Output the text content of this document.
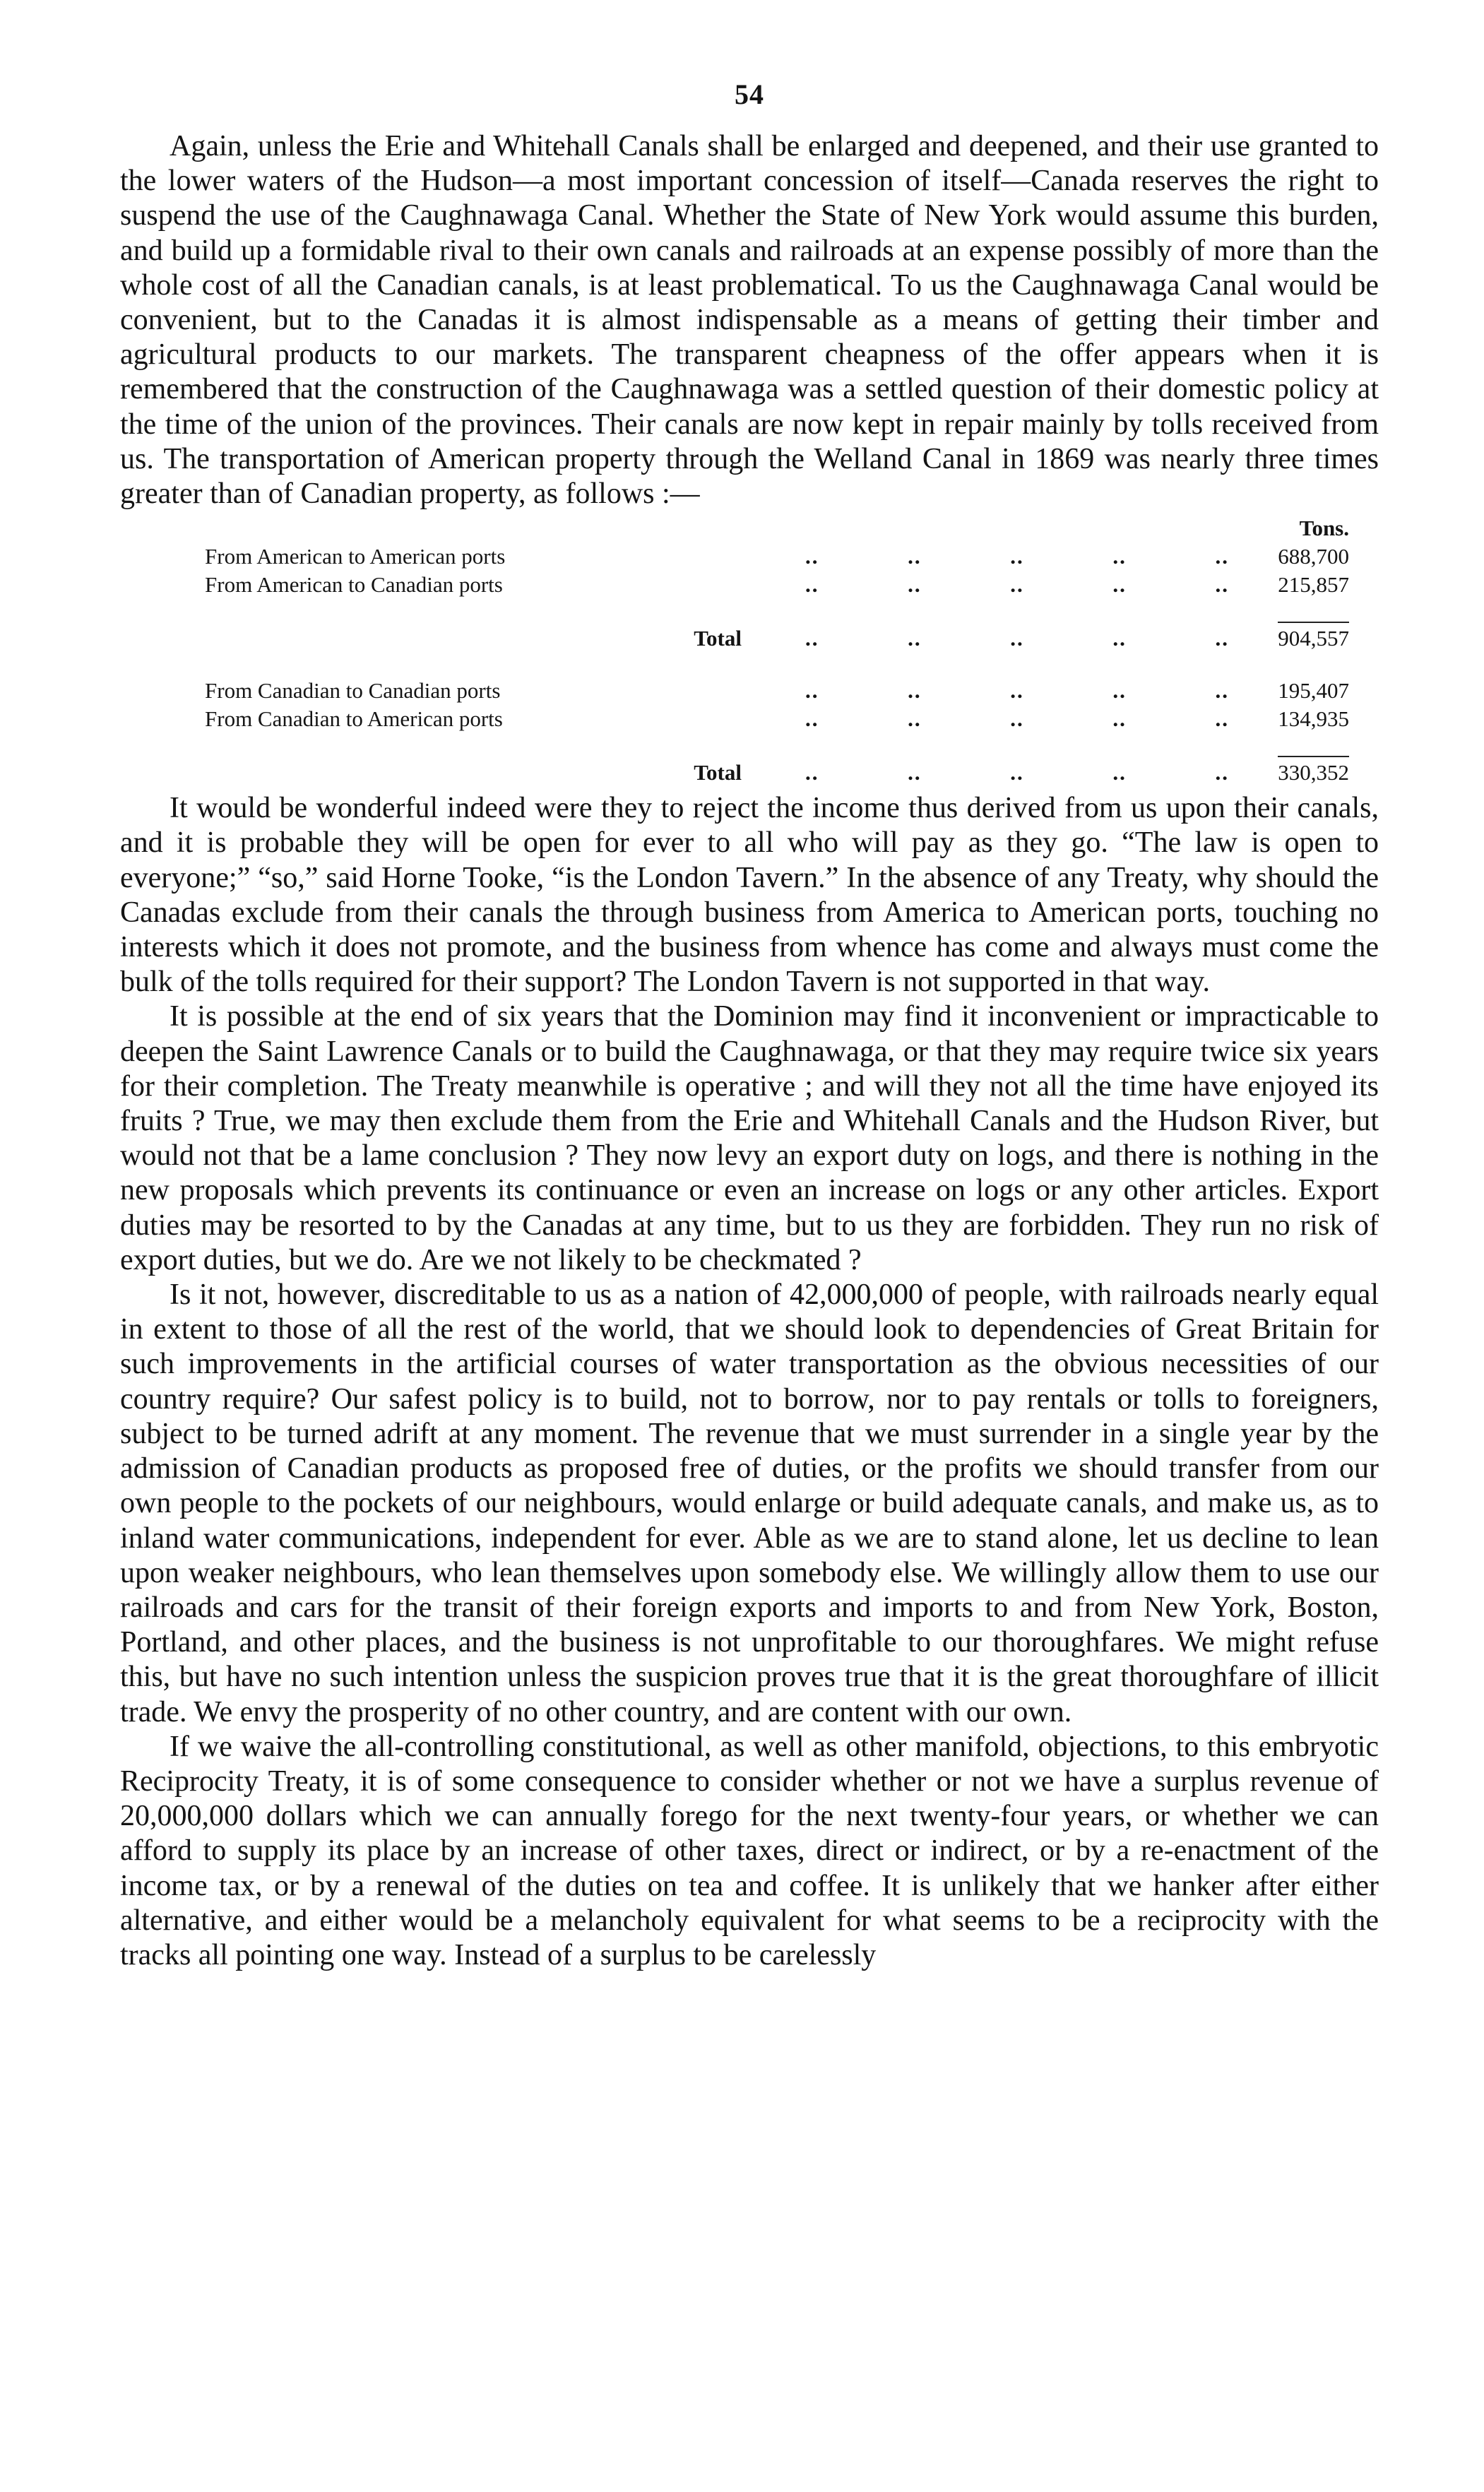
54

Again, unless the Erie and Whitehall Canals shall be enlarged and deepened, and their use granted to the lower waters of the Hudson—a most important concession of itself—Canada reserves the right to suspend the use of the Caughnawaga Canal. Whether the State of New York would assume this burden, and build up a formidable rival to their own canals and railroads at an expense possibly of more than the whole cost of all the Canadian canals, is at least problematical. To us the Caughnawaga Canal would be convenient, but to the Canadas it is almost indispensable as a means of getting their timber and agricultural products to our markets. The transparent cheapness of the offer appears when it is remembered that the construction of the Caughnawaga was a settled question of their domestic policy at the time of the union of the provinces. Their canals are now kept in repair mainly by tolls received from us. The transportation of American property through the Welland Canal in 1869 was nearly three times greater than of Canadian property, as follows :—

		Tons.
From American to American ports	.. .. .. .. ..	688,700
From American to Canadian ports	.. .. .. .. ..	215,857

Total	.. .. .. .. ..	904,557

From Canadian to Canadian ports	.. .. .. .. ..	195,407
From Canadian to American ports	.. .. .. .. ..	134,935

Total	.. .. .. .. ..	330,352

It would be wonderful indeed were they to reject the income thus derived from us upon their canals, and it is probable they will be open for ever to all who will pay as they go. “The law is open to everyone;” “so,” said Horne Tooke, “is the London Tavern.” In the absence of any Treaty, why should the Canadas exclude from their canals the through business from America to American ports, touching no interests which it does not promote, and the business from whence has come and always must come the bulk of the tolls required for their support? The London Tavern is not supported in that way.

It is possible at the end of six years that the Dominion may find it inconvenient or impracticable to deepen the Saint Lawrence Canals or to build the Caughnawaga, or that they may require twice six years for their completion. The Treaty meanwhile is operative ; and will they not all the time have enjoyed its fruits ? True, we may then exclude them from the Erie and Whitehall Canals and the Hudson River, but would not that be a lame conclusion ? They now levy an export duty on logs, and there is nothing in the new proposals which prevents its continuance or even an increase on logs or any other articles. Export duties may be resorted to by the Canadas at any time, but to us they are forbidden. They run no risk of export duties, but we do. Are we not likely to be checkmated ?

Is it not, however, discreditable to us as a nation of 42,000,000 of people, with railroads nearly equal in extent to those of all the rest of the world, that we should look to dependencies of Great Britain for such improvements in the artificial courses of water transportation as the obvious necessities of our country require? Our safest policy is to build, not to borrow, nor to pay rentals or tolls to foreigners, subject to be turned adrift at any moment. The revenue that we must surrender in a single year by the admission of Canadian products as proposed free of duties, or the profits we should transfer from our own people to the pockets of our neighbours, would enlarge or build adequate canals, and make us, as to inland water communications, independent for ever. Able as we are to stand alone, let us decline to lean upon weaker neighbours, who lean themselves upon somebody else. We willingly allow them to use our railroads and cars for the transit of their foreign exports and imports to and from New York, Boston, Portland, and other places, and the business is not unprofitable to our thoroughfares. We might refuse this, but have no such intention unless the suspicion proves true that it is the great thoroughfare of illicit trade. We envy the prosperity of no other country, and are content with our own.

If we waive the all-controlling constitutional, as well as other manifold, objections, to this embryotic Reciprocity Treaty, it is of some consequence to consider whether or not we have a surplus revenue of 20,000,000 dollars which we can annually forego for the next twenty-four years, or whether we can afford to supply its place by an increase of other taxes, direct or indirect, or by a re-enactment of the income tax, or by a renewal of the duties on tea and coffee. It is unlikely that we hanker after either alternative, and either would be a melancholy equivalent for what seems to be a reciprocity with the tracks all pointing one way. Instead of a surplus to be carelessly
